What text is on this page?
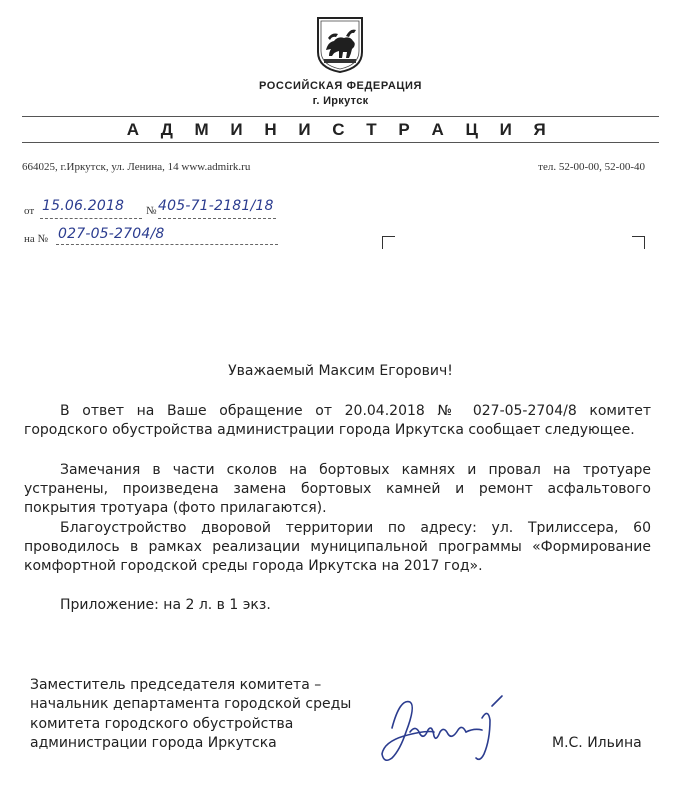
РОССИЙСКАЯ ФЕДЕРАЦИЯ
г. Иркутск
А Д М И Н И С Т Р А Ц И Я
664025, г.Иркутск, ул. Ленина, 14 www.admirk.ru	тел. 52-00-00, 52-00-40
от 15.06.2018 № 405-71-2181/18
на № 027-05-2704/8
Уважаемый Максим Егорович!
В ответ на Ваше обращение от 20.04.2018 № 027-05-2704/8 комитет городского обустройства администрации города Иркутска сообщает следующее.
Замечания в части сколов на бортовых камнях и провал на тротуаре устранены, произведена замена бортовых камней и ремонт асфальтового покрытия тротуара (фото прилагаются).
Благоустройство дворовой территории по адресу: ул. Трилиссера, 60 проводилось в рамках реализации муниципальной программы «Формирование комфортной городской среды города Иркутска на 2017 год».
Приложение: на 2 л. в 1 экз.
Заместитель председателя комитета –
начальник департамента городской среды
комитета городского обустройства
администрации города Иркутска	М.С. Ильина
